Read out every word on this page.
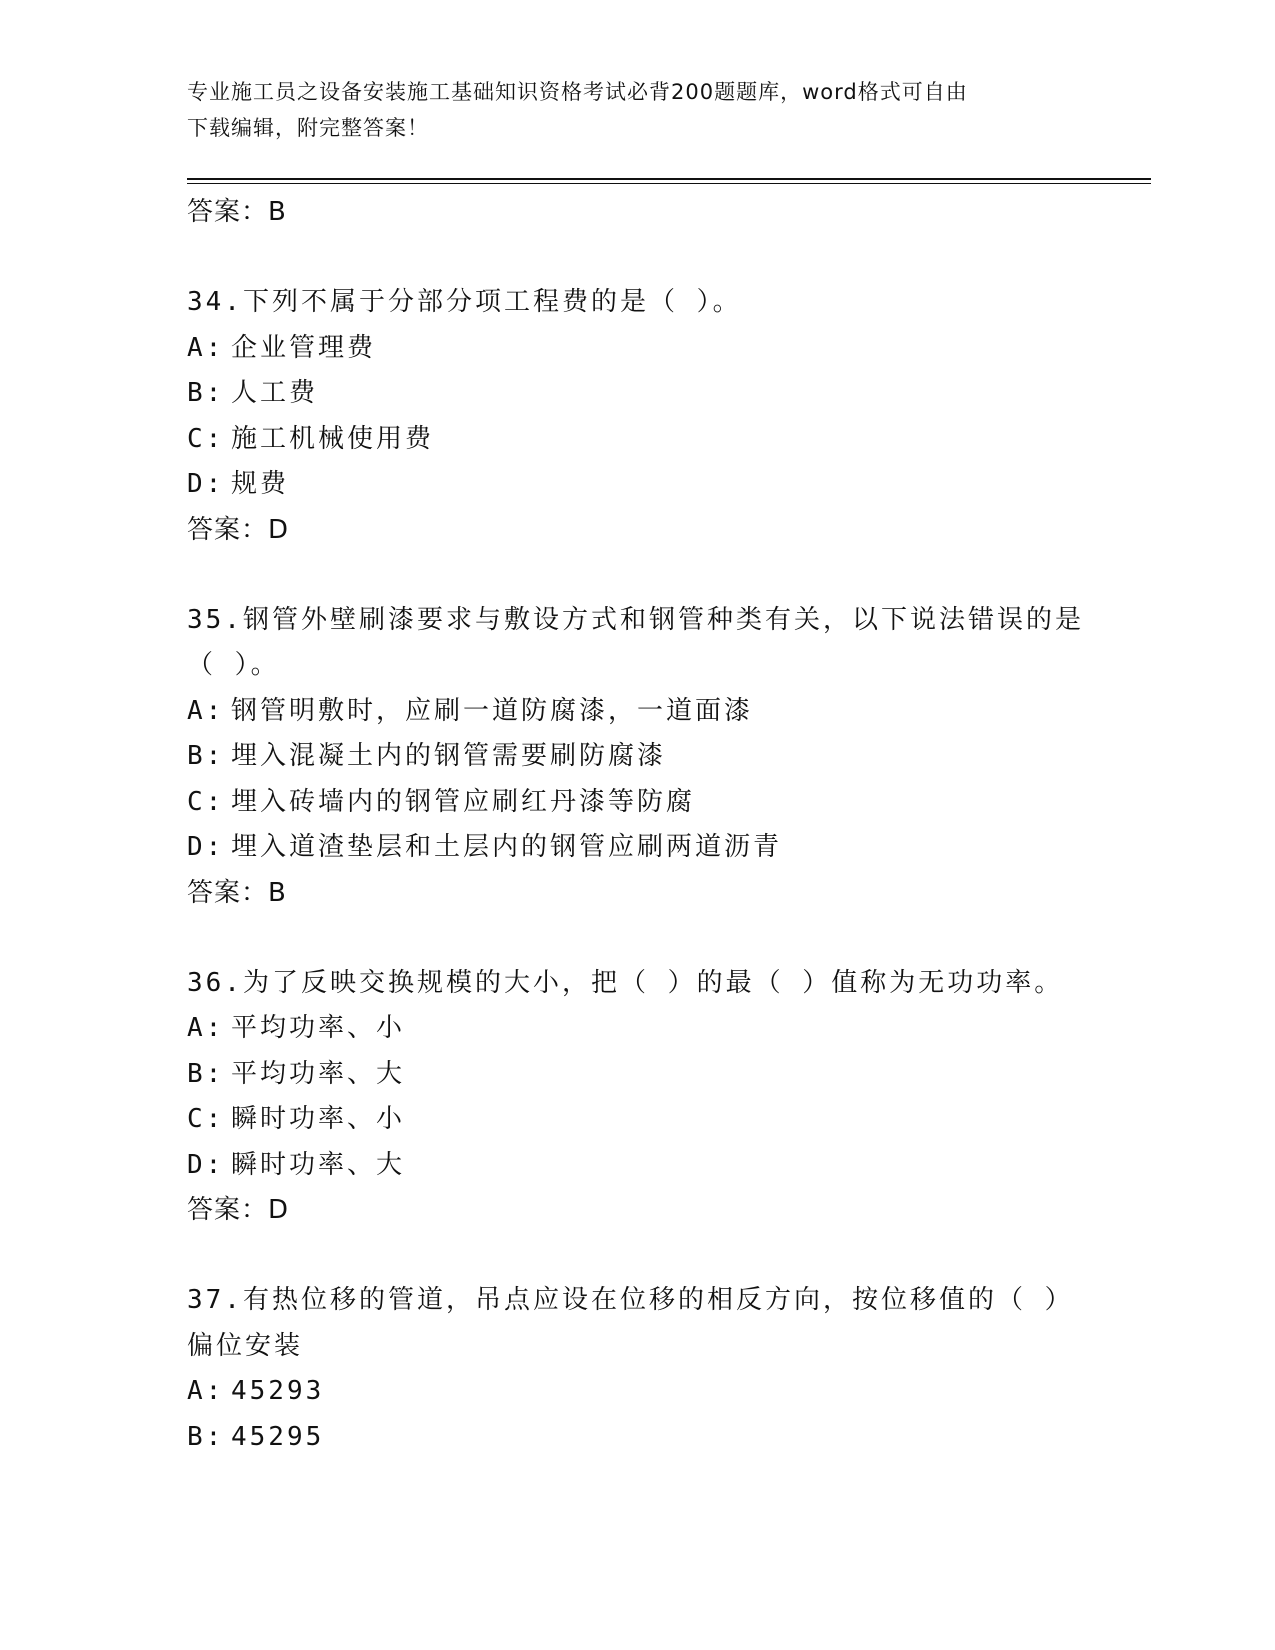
专业施工员之设备安装施工基础知识资格考试必背200题题库，word格式可自由
下载编辑，附完整答案！
答案：B
34.下列不属于分部分项工程费的是（ ）。
A: 企业管理费
B: 人工费
C: 施工机械使用费
D: 规费
答案：D
35.钢管外壁刷漆要求与敷设方式和钢管种类有关，以下说法错误的是
（ ）。
A: 钢管明敷时，应刷一道防腐漆，一道面漆
B: 埋入混凝土内的钢管需要刷防腐漆
C: 埋入砖墙内的钢管应刷红丹漆等防腐
D: 埋入道渣垫层和土层内的钢管应刷两道沥青
答案：B
36.为了反映交换规模的大小，把（ ）的最（ ）值称为无功功率。
A: 平均功率、小
B: 平均功率、大
C: 瞬时功率、小
D: 瞬时功率、大
答案：D
37.有热位移的管道，吊点应设在位移的相反方向，按位移值的（ ）
偏位安装
A: 45293
B: 45295
